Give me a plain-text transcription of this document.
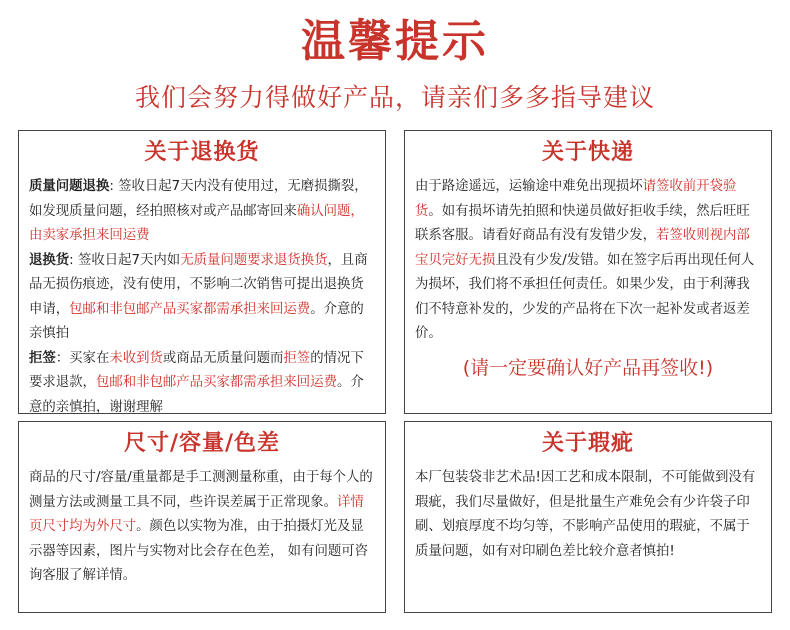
温馨提示
我们会努力得做好产品，请亲们多多指导建议
关于退换货

质量问题退换: 签收日起7天内没有使用过，无磨损撕裂，如发现质量问题，经拍照核对或产品邮寄回来确认问题，由卖家承担来回运费

退换货: 签收日起7天内如无质量问题要求退货换货，且商品无损伤痕迹，没有使用，不影响二次销售可提出退换货申请，包邮和非包邮产品买家都需承担来回运费。介意的亲慎拍

拒签：买家在未收到货或商品无质量问题而拒签的情况下要求退款，包邮和非包邮产品买家都需承担来回运费。介意的亲慎拍，谢谢理解

关于快递

由于路途遥远，运输途中难免出现损坏请签收前开袋验货。如有损坏请先拍照和快递员做好拒收手续，然后旺旺联系客服。请看好商品有没有发错少发，若签收则视内部宝贝完好无损且没有少发/发错。如在签字后再出现任何人为损坏，我们将不承担任何责任。如果少发，由于利薄我们不特意补发的，少发的产品将在下次一起补发或者返差价。

(请一定要确认好产品再签收!)
尺寸/容量/色差

商品的尺寸/容量/重量都是手工测测量称重，由于每个人的测量方法或测量工具不同，些许误差属于正常现象。详情页尺寸均为外尺寸。颜色以实物为准，由于拍摄灯光及显示器等因素，图片与实物对比会存在色差， 如有问题可咨询客服了解详情。

关于瑕疵

本厂包装袋非艺术品!因工艺和成本限制，不可能做到没有瑕疵，我们尽量做好，但是批量生产难免会有少许袋子印刷、划痕厚度不均匀等，不影响产品使用的瑕疵，不属于质量问题，如有对印刷色差比较介意者慎拍!
